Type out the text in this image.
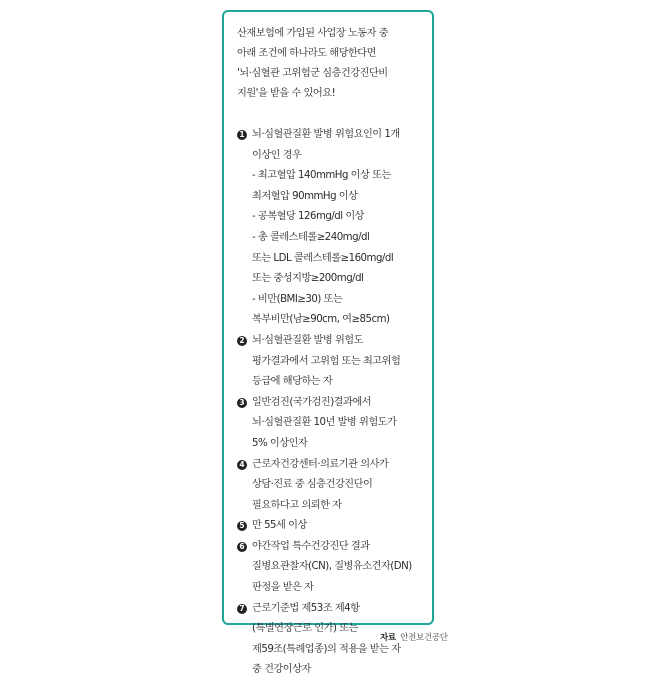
산재보험에 가입된 사업장 노동자 중
아래 조건에 하나라도 해당한다면
'뇌·심혈관 고위험군 심층건강진단비
지원'을 받을 수 있어요!
1 뇌·심혈관질환 발병 위험요인이 1개
이상인 경우
- 최고혈압 140mmHg 이상 또는
최저혈압 90mmHg 이상
- 공복혈당 126mg/dl 이상
- 총 콜레스테롤≥240mg/dl
또는 LDL 콜레스테롤≥160mg/dl
또는 중성지방≥200mg/dl
- 비만(BMI≥30) 또는
복부비만(남≥90cm, 여≥85cm)
2 뇌·심혈관질환 발병 위험도
평가결과에서 고위험 또는 최고위험
등급에 해당하는 자
3 일반검진(국가검진)결과에서
뇌·심혈관질환 10년 발병 위험도가
5% 이상인자
4 근로자건강센터·의료기관 의사가
상담·진료 중 심층건강진단이
필요하다고 의뢰한 자
5 만 55세 이상
6 야간작업 특수건강진단 결과
질병요관찰자(CN), 질병유소견자(DN)
판정을 받은 자
7 근로기준법 제53조 제4항
(특별연장근로 인가) 또는
제59조(특례업종)의 적용을 받는 자
중 건강이상자
자료 안전보건공단
